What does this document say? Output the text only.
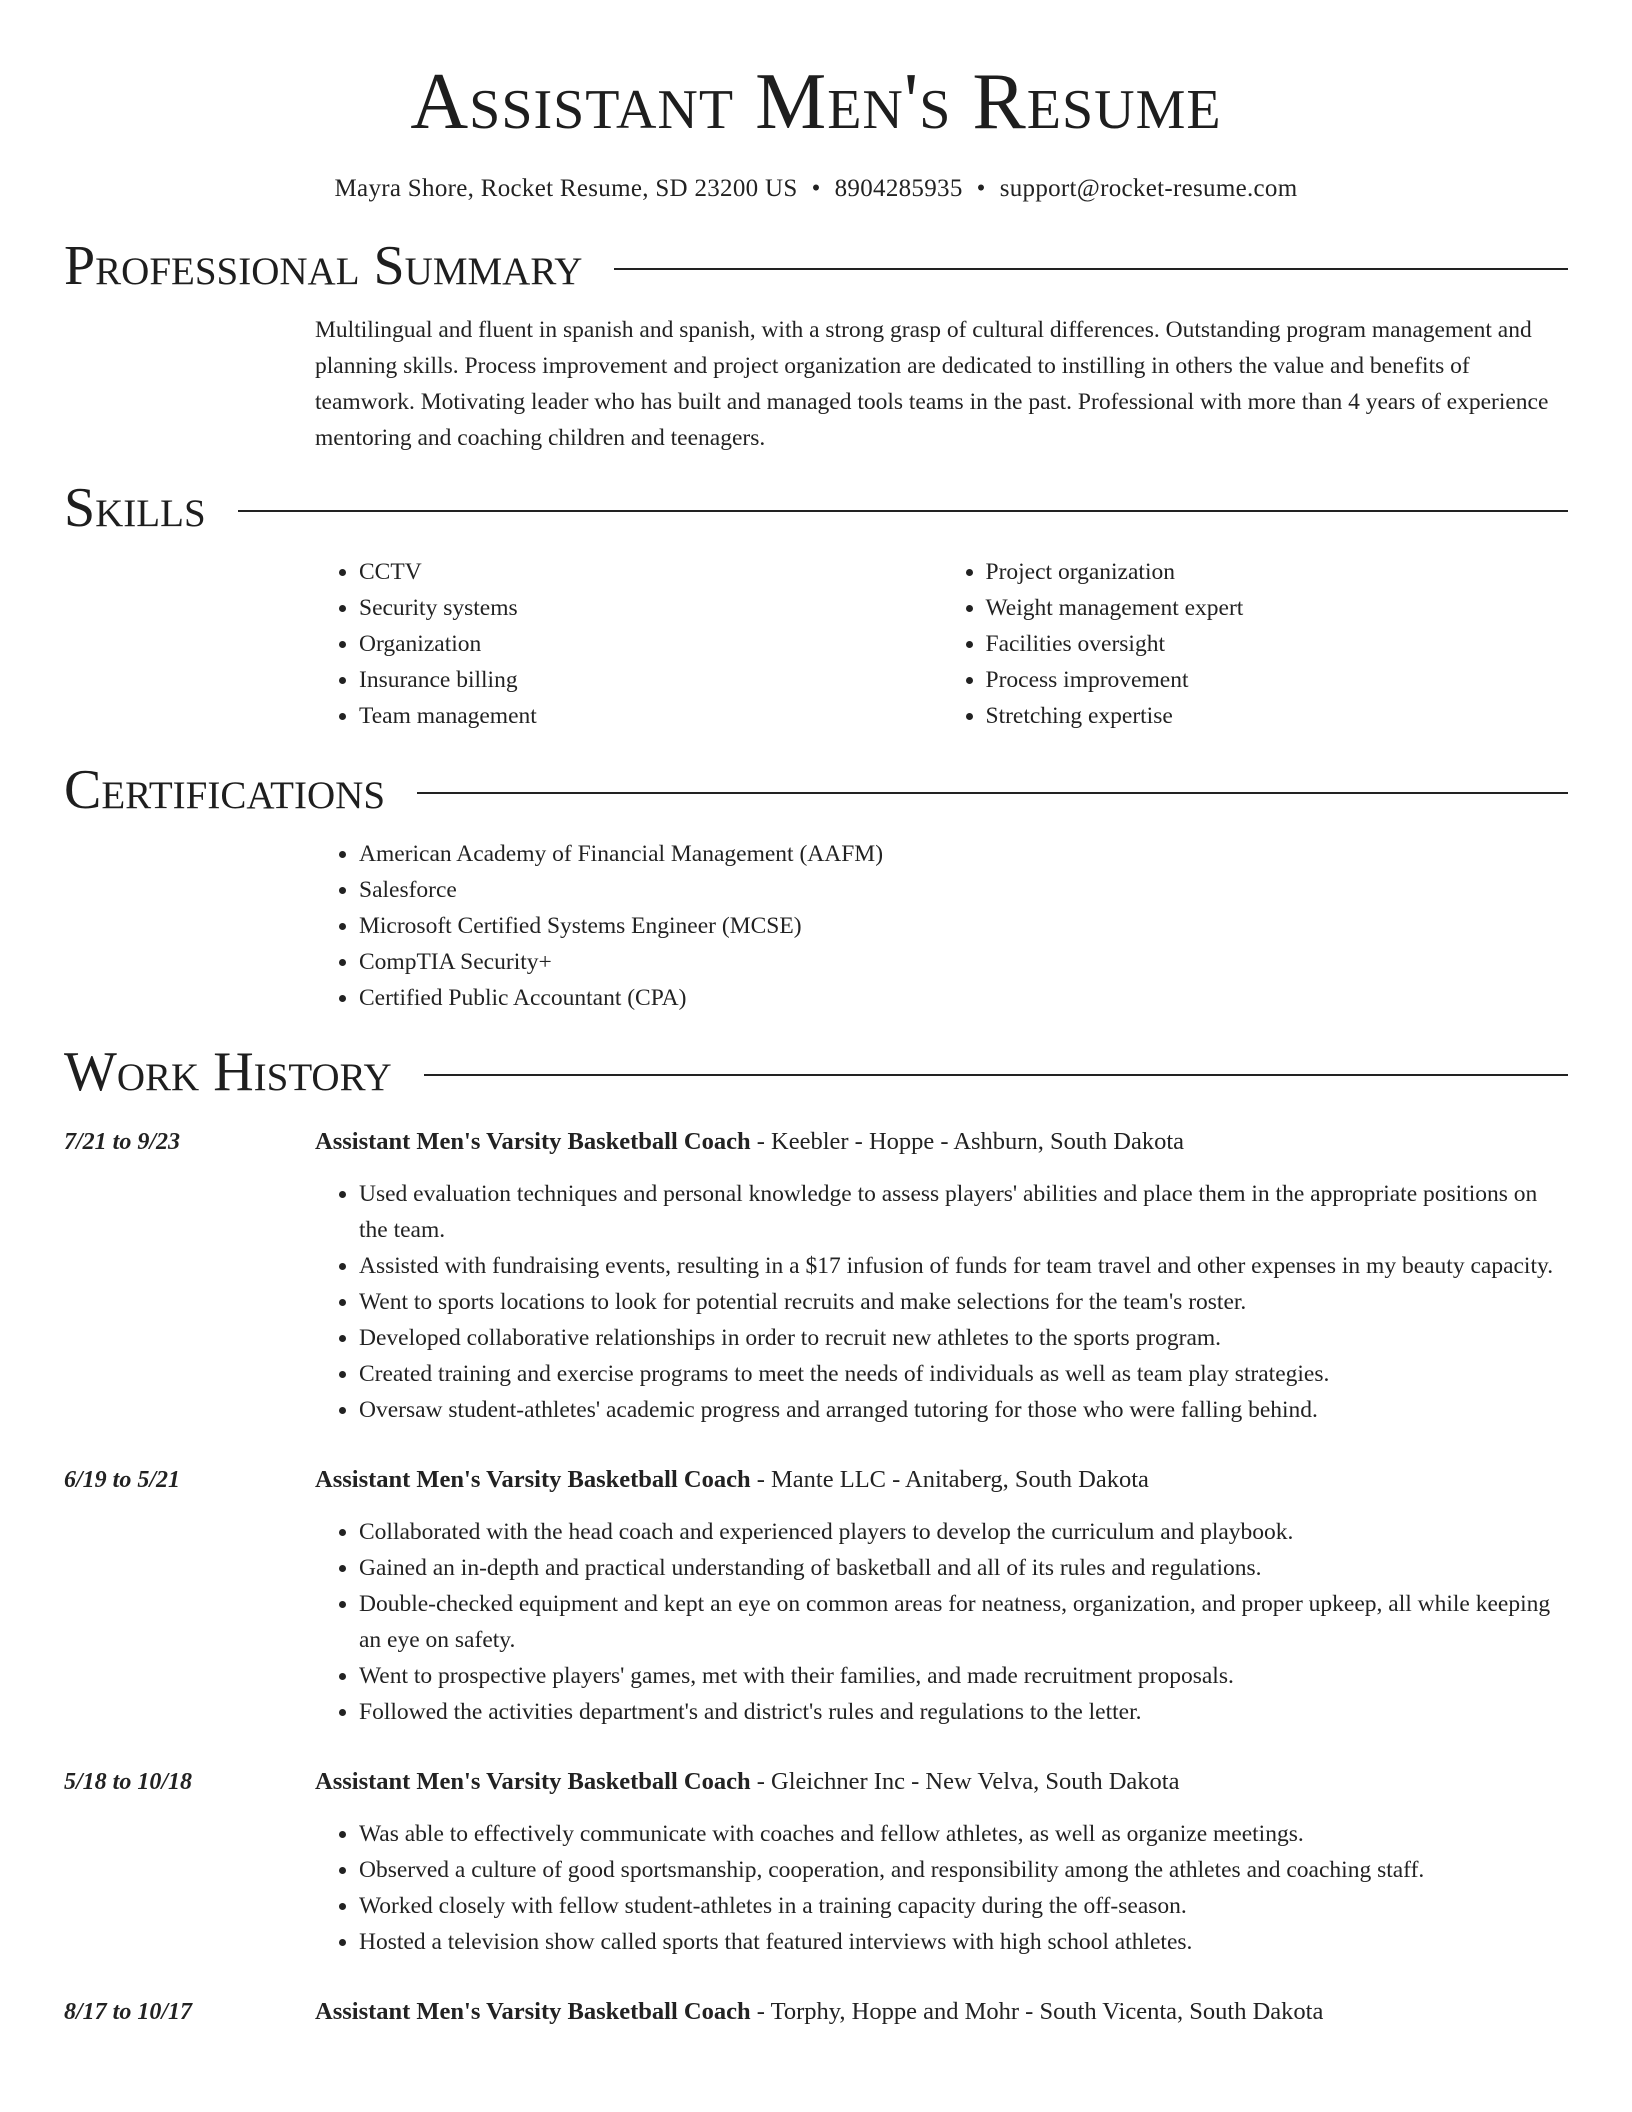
Assistant Men's Resume
Mayra Shore, Rocket Resume, SD 23200 US • 8904285935 • support@rocket-resume.com
Professional Summary

Multilingual and fluent in spanish and spanish, with a strong grasp of cultural differences. Outstanding program management and planning skills. Process improvement and project organization are dedicated to instilling in others the value and benefits of teamwork. Motivating leader who has built and managed tools teams in the past. Professional with more than 4 years of experience mentoring and coaching children and teenagers.

Skills
• CCTV
• Security systems
• Organization
• Insurance billing
• Team management
• Project organization
• Weight management expert
• Facilities oversight
• Process improvement
• Stretching expertise
Certifications
• American Academy of Financial Management (AAFM)
• Salesforce
• Microsoft Certified Systems Engineer (MCSE)
• CompTIA Security+
• Certified Public Accountant (CPA)
Work History
7/21 to 9/23	Assistant Men's Varsity Basketball Coach - Keebler - Hoppe - Ashburn, South Dakota
• Used evaluation techniques and personal knowledge to assess players' abilities and place them in the appropriate positions on the team.
• Assisted with fundraising events, resulting in a $17 infusion of funds for team travel and other expenses in my beauty capacity.
• Went to sports locations to look for potential recruits and make selections for the team's roster.
• Developed collaborative relationships in order to recruit new athletes to the sports program.
• Created training and exercise programs to meet the needs of individuals as well as team play strategies.
• Oversaw student-athletes' academic progress and arranged tutoring for those who were falling behind.
6/19 to 5/21	Assistant Men's Varsity Basketball Coach - Mante LLC - Anitaberg, South Dakota
• Collaborated with the head coach and experienced players to develop the curriculum and playbook.
• Gained an in-depth and practical understanding of basketball and all of its rules and regulations.
• Double-checked equipment and kept an eye on common areas for neatness, organization, and proper upkeep, all while keeping an eye on safety.
• Went to prospective players' games, met with their families, and made recruitment proposals.
• Followed the activities department's and district's rules and regulations to the letter.
5/18 to 10/18	Assistant Men's Varsity Basketball Coach - Gleichner Inc - New Velva, South Dakota
• Was able to effectively communicate with coaches and fellow athletes, as well as organize meetings.
• Observed a culture of good sportsmanship, cooperation, and responsibility among the athletes and coaching staff.
• Worked closely with fellow student-athletes in a training capacity during the off-season.
• Hosted a television show called sports that featured interviews with high school athletes.
8/17 to 10/17	Assistant Men's Varsity Basketball Coach - Torphy, Hoppe and Mohr - South Vicenta, South Dakota
